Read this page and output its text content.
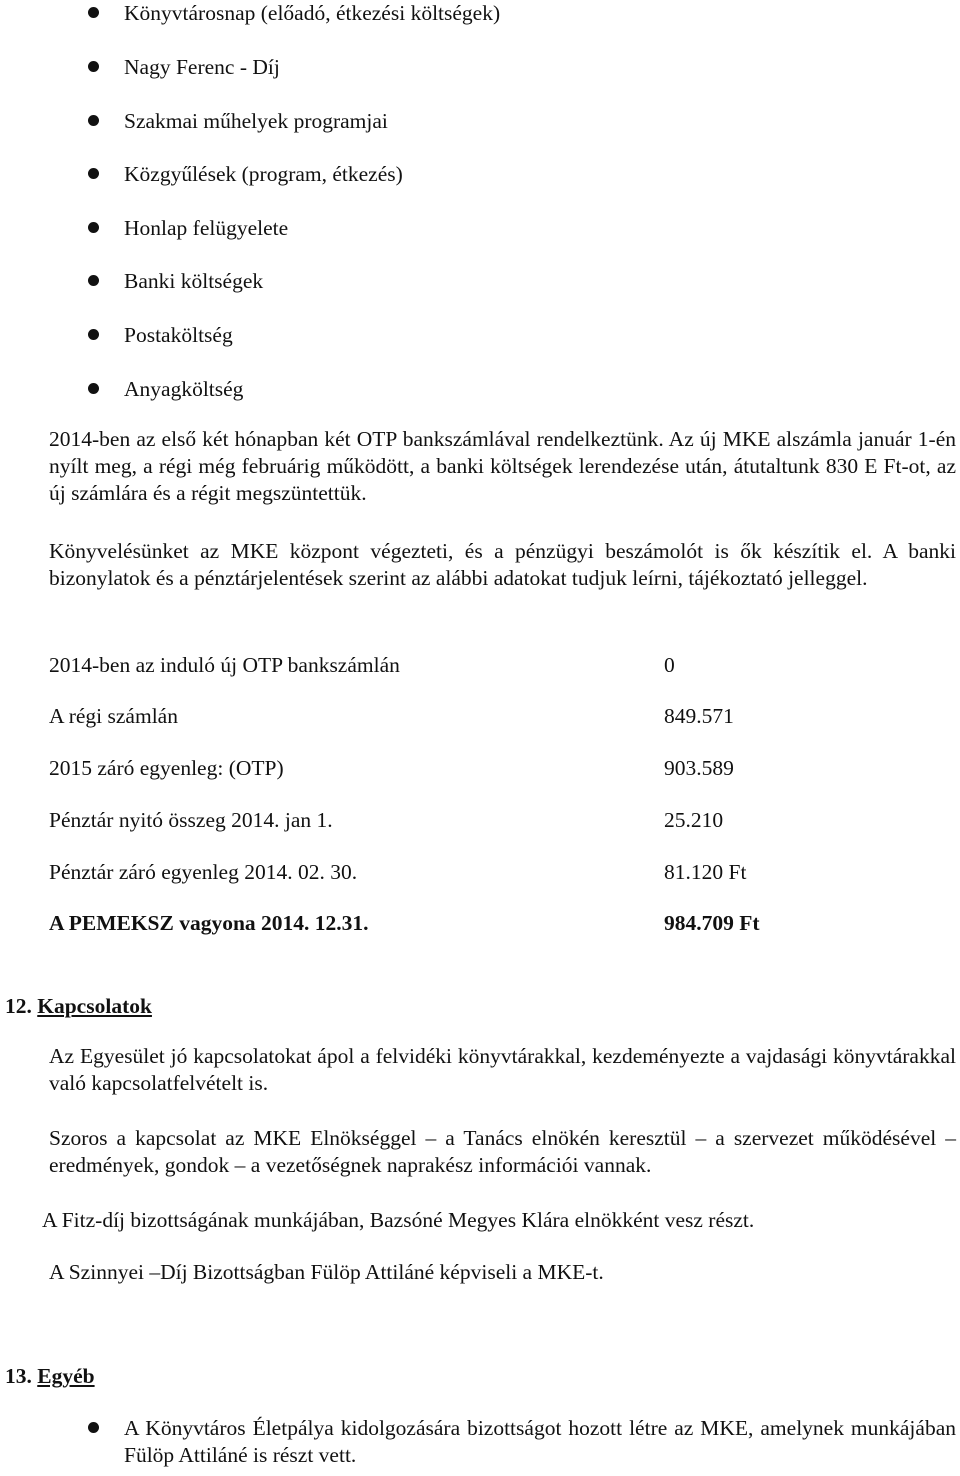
Könyvtárosnap (előadó, étkezési költségek)
Nagy Ferenc - Díj
Szakmai műhelyek programjai
Közgyűlések (program, étkezés)
Honlap felügyelete
Banki költségek
Postaköltség
Anyagköltség
2014-ben az első két hónapban két OTP bankszámlával rendelkeztünk. Az új MKE alszámla január 1-én nyílt meg, a régi még februárig működött, a banki költségek lerendezése után, átutaltunk 830 E Ft-ot, az új számlára és a régit megszüntettük.
Könyvelésünket az MKE központ végezteti, és a pénzügyi beszámolót is ők készítik el. A banki bizonylatok és a pénztárjelentések szerint az alábbi adatokat tudjuk leírni, tájékoztató jelleggel.
2014-ben az induló új OTP bankszámlán	0
A régi számlán	849.571
2015 záró egyenleg: (OTP)	903.589
Pénztár nyitó összeg 2014. jan 1.	25.210
Pénztár záró egyenleg 2014. 02. 30.	81.120 Ft
A PEMEKSZ vagyona 2014. 12.31.	984.709 Ft
12. Kapcsolatok
Az Egyesület jó kapcsolatokat ápol a felvidéki könyvtárakkal, kezdeményezte a vajdasági könyvtárakkal való kapcsolatfelvételt is.
Szoros a kapcsolat az MKE Elnökséggel – a Tanács elnökén keresztül – a szervezet működésével – eredmények, gondok – a vezetőségnek naprakész információi vannak.
A Fitz-díj bizottságának munkájában, Bazsóné Megyes Klára elnökként vesz részt.
A Szinnyei –Díj Bizottságban Fülöp Attiláné képviseli a MKE-t.
13. Egyéb
A Könyvtáros Életpálya kidolgozására bizottságot hozott létre az MKE, amelynek munkájában Fülöp Attiláné is részt vett.
